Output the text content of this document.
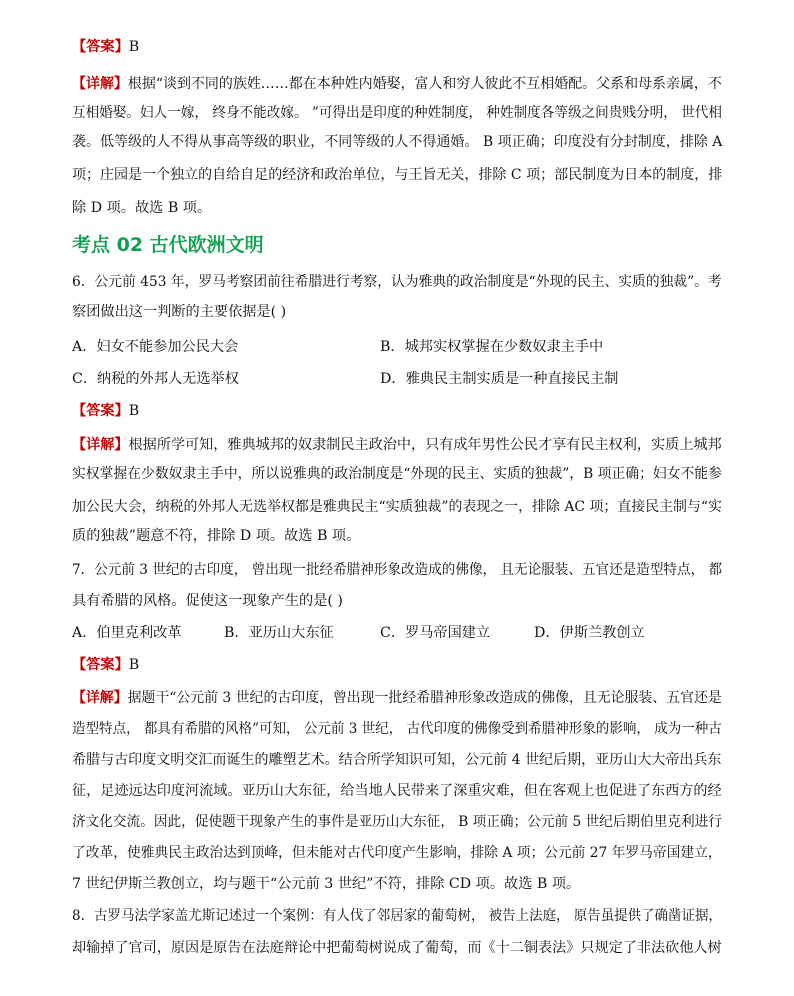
【答案】B
【详解】根据“谈到不同的族姓……都在本种姓内婚娶，富人和穷人彼此不互相婚配。父系和母系亲属，不
互相婚娶。妇人一嫁， 终身不能改嫁。 ”可得出是印度的种姓制度， 种姓制度各等级之间贵贱分明， 世代相
袭。低等级的人不得从事高等级的职业，不同等级的人不得通婚。 B 项正确；印度没有分封制度，排除 A
项；庄园是一个独立的自给自足的经济和政治单位，与王旨无关，排除 C 项；部民制度为日本的制度，排
除 D 项。故选 B 项。
考点 02 古代欧洲文明
6．公元前 453 年，罗马考察团前往希腊进行考察，认为雅典的政治制度是“外现的民主、实质的独裁”。考
察团做出这一判断的主要依据是( )
A．妇女不能参加公民大会	B．城邦实权掌握在少数奴隶主手中
C．纳税的外邦人无选举权	D．雅典民主制实质是一种直接民主制
【答案】B
【详解】根据所学可知，雅典城邦的奴隶制民主政治中，只有成年男性公民才享有民主权利，实质上城邦
实权掌握在少数奴隶主手中，所以说雅典的政治制度是“外现的民主、实质的独裁”，B 项正确；妇女不能参
加公民大会，纳税的外邦人无选举权都是雅典民主“实质独裁”的表现之一，排除 AC 项；直接民主制与“实
质的独裁”题意不符，排除 D 项。故选 B 项。
7．公元前 3 世纪的古印度， 曾出现一批经希腊神形象改造成的佛像， 且无论服装、五官还是造型特点， 都
具有希腊的风格。促使这一现象产生的是( )
A．伯里克利改革	B．亚历山大东征	C．罗马帝国建立	D．伊斯兰教创立
【答案】B
【详解】据题干“公元前 3 世纪的古印度，曾出现一批经希腊神形象改造成的佛像，且无论服装、五官还是
造型特点， 都具有希腊的风格”可知， 公元前 3 世纪， 古代印度的佛像受到希腊神形象的影响， 成为一种古
希腊与古印度文明交汇而诞生的雕塑艺术。结合所学知识可知，公元前 4 世纪后期，亚历山大大帝出兵东
征，足迹远达印度河流域。亚历山大东征，给当地人民带来了深重灾难，但在客观上也促进了东西方的经
济文化交流。因此，促使题干现象产生的事件是亚历山大东征， B 项正确；公元前 5 世纪后期伯里克利进行
了改革，使雅典民主政治达到顶峰，但未能对古代印度产生影响，排除 A 项；公元前 27 年罗马帝国建立，
7 世纪伊斯兰教创立，均与题干“公元前 3 世纪”不符，排除 CD 项。故选 B 项。
8．古罗马法学家盖尤斯记述过一个案例：有人伐了邻居家的葡萄树， 被告上法庭， 原告虽提供了确凿证据，
却输掉了官司，原因是原告在法庭辩论中把葡萄树说成了葡萄，而《十二铜表法》只规定了非法砍他人树
